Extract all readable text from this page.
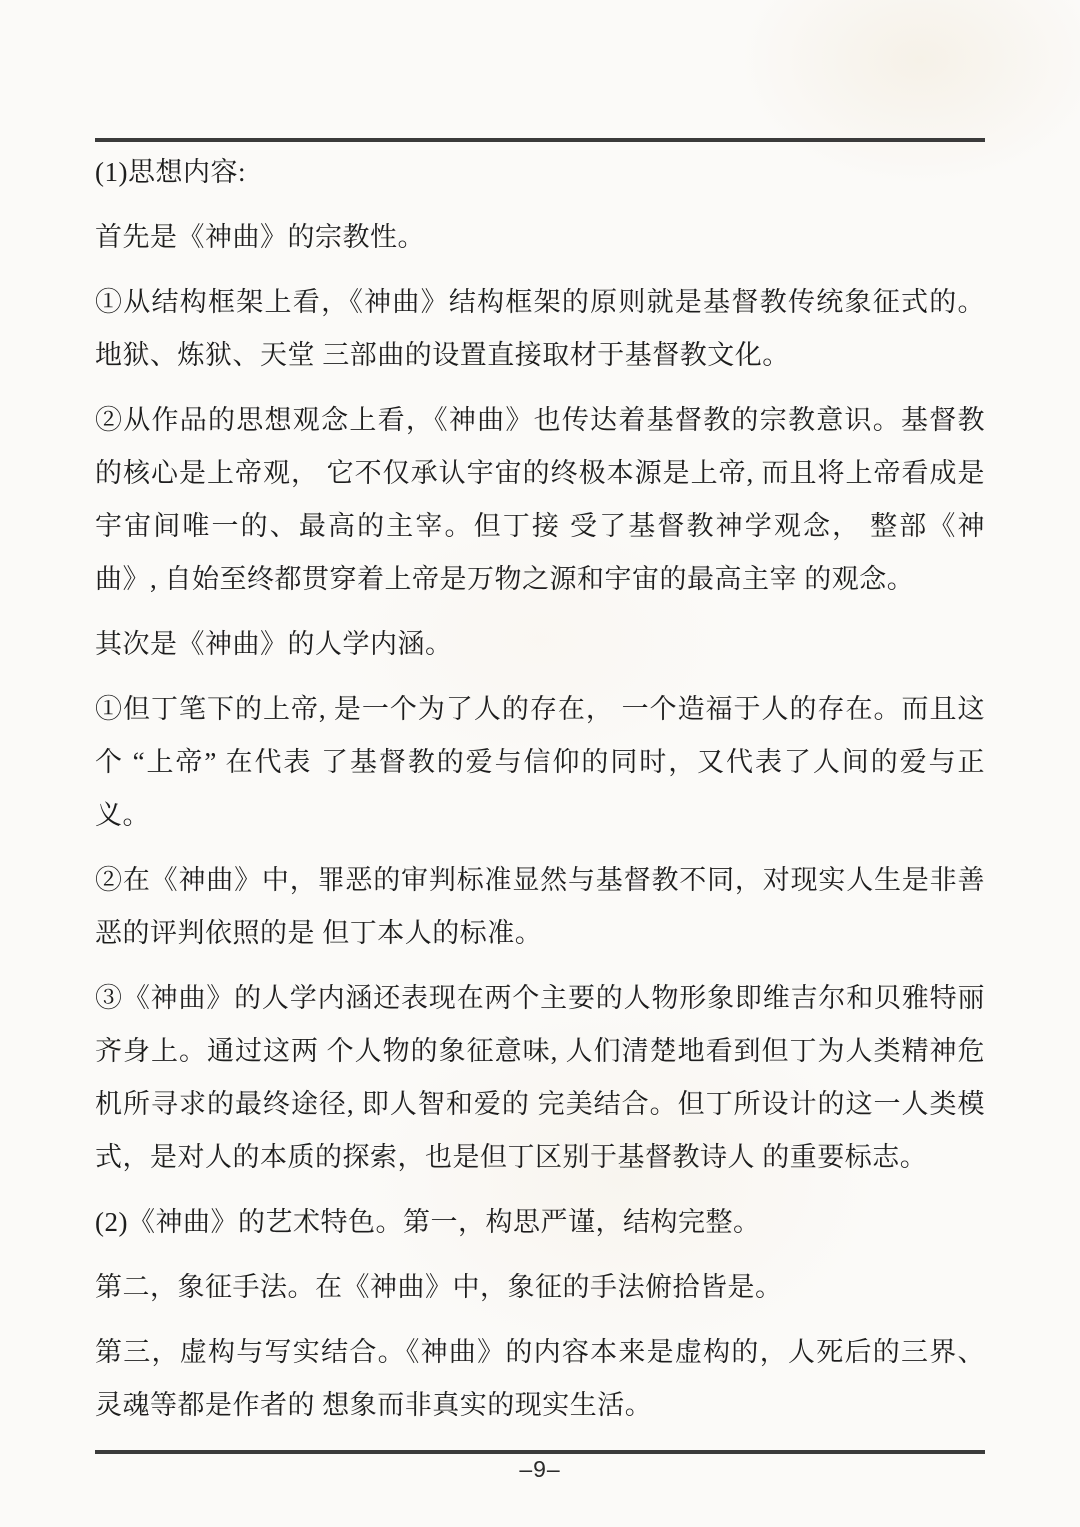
(1)思想内容:

首先是《神曲》的宗教性。

①从结构框架上看，《神曲》结构框架的原则就是基督教传统象征式的。地狱、炼狱、天堂 三部曲的设置直接取材于基督教文化。

②从作品的思想观念上看，《神曲》也传达着基督教的宗教意识。基督教的核心是上帝观， 它不仅承认宇宙的终极本源是上帝, 而且将上帝看成是宇宙间唯一的、最高的主宰。但丁接 受了基督教神学观念， 整部《神曲》, 自始至终都贯穿着上帝是万物之源和宇宙的最高主宰 的观念。

其次是《神曲》的人学内涵。

①但丁笔下的上帝, 是一个为了人的存在， 一个造福于人的存在。而且这个 “上帝” 在代表 了基督教的爱与信仰的同时，又代表了人间的爱与正义。

②在《神曲》中，罪恶的审判标准显然与基督教不同，对现实人生是非善恶的评判依照的是 但丁本人的标准。

③《神曲》的人学内涵还表现在两个主要的人物形象即维吉尔和贝雅特丽齐身上。通过这两 个人物的象征意味, 人们清楚地看到但丁为人类精神危机所寻求的最终途径, 即人智和爱的 完美结合。但丁所设计的这一人类模式，是对人的本质的探索，也是但丁区别于基督教诗人 的重要标志。

(2)《神曲》的艺术特色。第一，构思严谨，结构完整。

第二，象征手法。在《神曲》中，象征的手法俯拾皆是。

第三，虚构与写实结合。《神曲》的内容本来是虚构的，人死后的三界、灵魂等都是作者的 想象而非真实的现实生活。

–9–
